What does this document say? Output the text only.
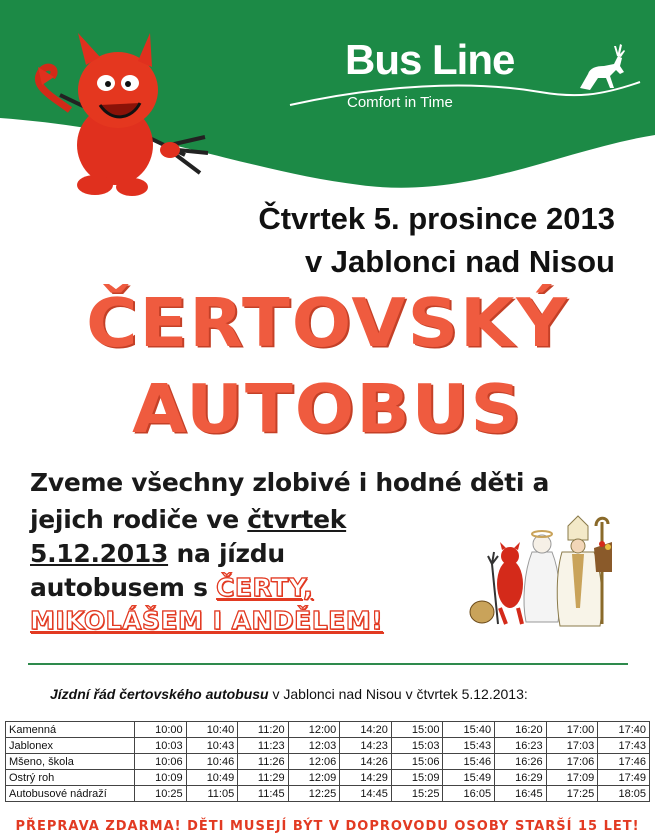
Bus Line
Comfort in Time
Čtvrtek 5. prosince 2013
v Jablonci nad Nisou
ČERTOVSKÝ
AUTOBUS
Zveme všechny zlobivé i hodné děti a
jejich rodiče ve čtvrtek
5.12.2013 na jízdu
autobusem s ČERTY,
MIKOLÁŠEM I ANDĚLEM!
Jízdní řád čertovského autobusu v Jablonci nad Nisou v čtvrtek 5.12.2013:
Kamenná	10:00	10:40	11:20	12:00	14:20	15:00	15:40	16:20	17:00	17:40
Jablonex	10:03	10:43	11:23	12:03	14:23	15:03	15:43	16:23	17:03	17:43
Mšeno, škola	10:06	10:46	11:26	12:06	14:26	15:06	15:46	16:26	17:06	17:46
Ostrý roh	10:09	10:49	11:29	12:09	14:29	15:09	15:49	16:29	17:09	17:49
Autobusové nádraží	10:25	11:05	11:45	12:25	14:45	15:25	16:05	16:45	17:25	18:05
PŘEPRAVA ZDARMA! DĚTI MUSEJÍ BÝT V DOPROVODU OSOBY STARŠÍ 15 LET!
